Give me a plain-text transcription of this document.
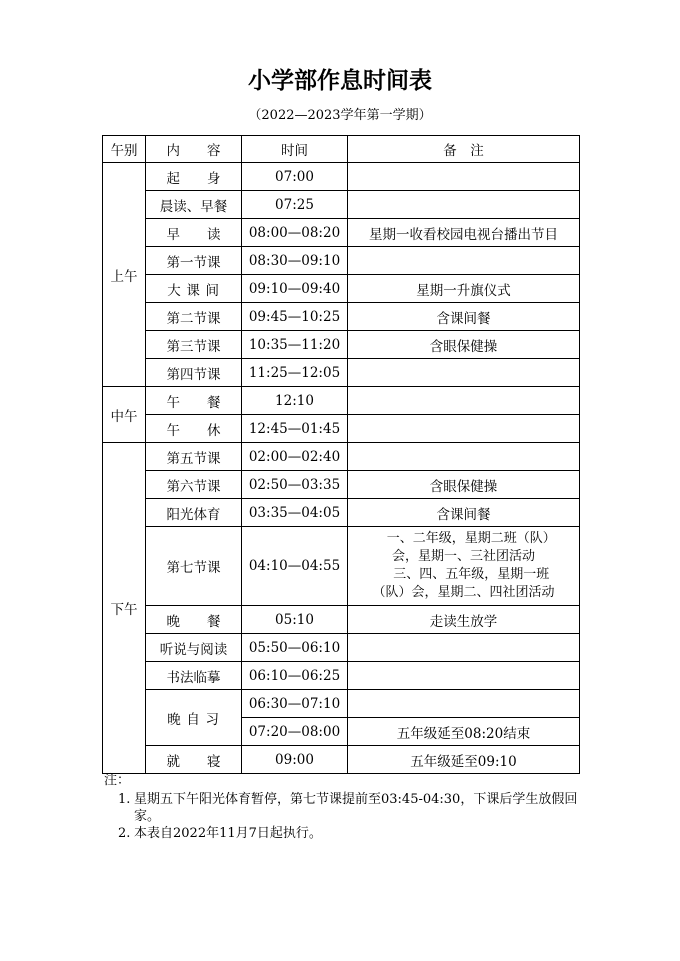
小学部作息时间表
（2022—2023学年第一学期）
午别	内　　容	时间	备　注
上午	起　　身	07:00	
	晨读、早餐	07:25	
	早　　读	08:00—08:20	星期一收看校园电视台播出节目
	第一节课	08:30—09:10	
	大 课 间	09:10—09:40	星期一升旗仪式
	第二节课	09:45—10:25	含课间餐
	第三节课	10:35—11:20	含眼保健操
	第四节课	11:25—12:05	
中午	午　　餐	12:10	
	午　　休	12:45—01:45	
下午	第五节课	02:00—02:40	
	第六节课	02:50—03:35	含眼保健操
	阳光体育	03:35—04:05	含课间餐
	第七节课	04:10—04:55	一、二年级，星期二班（队）
会，星期一、三社团活动
三、四、五年级，星期一班
（队）会，星期二、四社团活动

	晚　　餐	05:10	走读生放学
	听说与阅读	05:50—06:10	
	书法临摹	06:10—06:25	
	晚 自 习	06:30—07:10	
		07:20—08:00	五年级延至08:20结束
	就　　寝	09:00	五年级延至09:10
注：
1. 星期五下午阳光体育暂停，第七节课提前至03:45-04:30，下课后学生放假回家。
2. 本表自2022年11月7日起执行。
